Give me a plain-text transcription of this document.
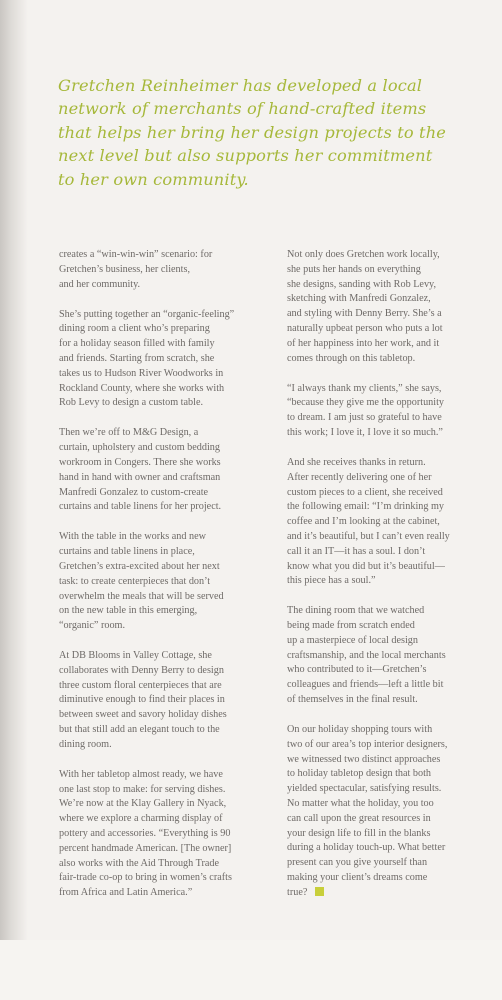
Gretchen Reinheimer has developed a local
network of merchants of hand-crafted items
that helps her bring her design projects to the
next level but also supports her commitment
to her own community.
creates a “win-win-win” scenario: for
Gretchen’s business, her clients,
and her community.
She’s putting together an “organic-feeling”
dining room a client who’s preparing
for a holiday season filled with family
and friends. Starting from scratch, she
takes us to Hudson River Woodworks in
Rockland County, where she works with
Rob Levy to design a custom table.
Then we’re off to M&G Design, a
curtain, upholstery and custom bedding
workroom in Congers. There she works
hand in hand with owner and craftsman
Manfredi Gonzalez to custom-create
curtains and table linens for her project.
With the table in the works and new
curtains and table linens in place,
Gretchen’s extra-excited about her next
task: to create centerpieces that don’t
overwhelm the meals that will be served
on the new table in this emerging,
“organic” room.
At DB Blooms in Valley Cottage, she
collaborates with Denny Berry to design
three custom floral centerpieces that are
diminutive enough to find their places in
between sweet and savory holiday dishes
but that still add an elegant touch to the
dining room.
With her tabletop almost ready, we have
one last stop to make: for serving dishes.
We’re now at the Klay Gallery in Nyack,
where we explore a charming display of
pottery and accessories. “Everything is 90
percent handmade American. [The owner]
also works with the Aid Through Trade
fair-trade co-op to bring in women’s crafts
from Africa and Latin America.”
Not only does Gretchen work locally,
she puts her hands on everything
she designs, sanding with Rob Levy,
sketching with Manfredi Gonzalez,
and styling with Denny Berry. She’s a
naturally upbeat person who puts a lot
of her happiness into her work, and it
comes through on this tabletop.
“I always thank my clients,” she says,
“because they give me the opportunity
to dream. I am just so grateful to have
this work; I love it, I love it so much.”
And she receives thanks in return.
After recently delivering one of her
custom pieces to a client, she received
the following email: “I’m drinking my
coffee and I’m looking at the cabinet,
and it’s beautiful, but I can’t even really
call it an IT—it has a soul. I don’t
know what you did but it’s beautiful—
this piece has a soul.”
The dining room that we watched
being made from scratch ended
up a masterpiece of local design
craftsmanship, and the local merchants
who contributed to it—Gretchen’s
colleagues and friends—left a little bit
of themselves in the final result.
On our holiday shopping tours with
two of our area’s top interior designers,
we witnessed two distinct approaches
to holiday tabletop design that both
yielded spectacular, satisfying results.
No matter what the holiday, you too
can call upon the great resources in
your design life to fill in the blanks
during a holiday touch-up. What better
present can you give yourself than
making your client’s dreams come
true?
